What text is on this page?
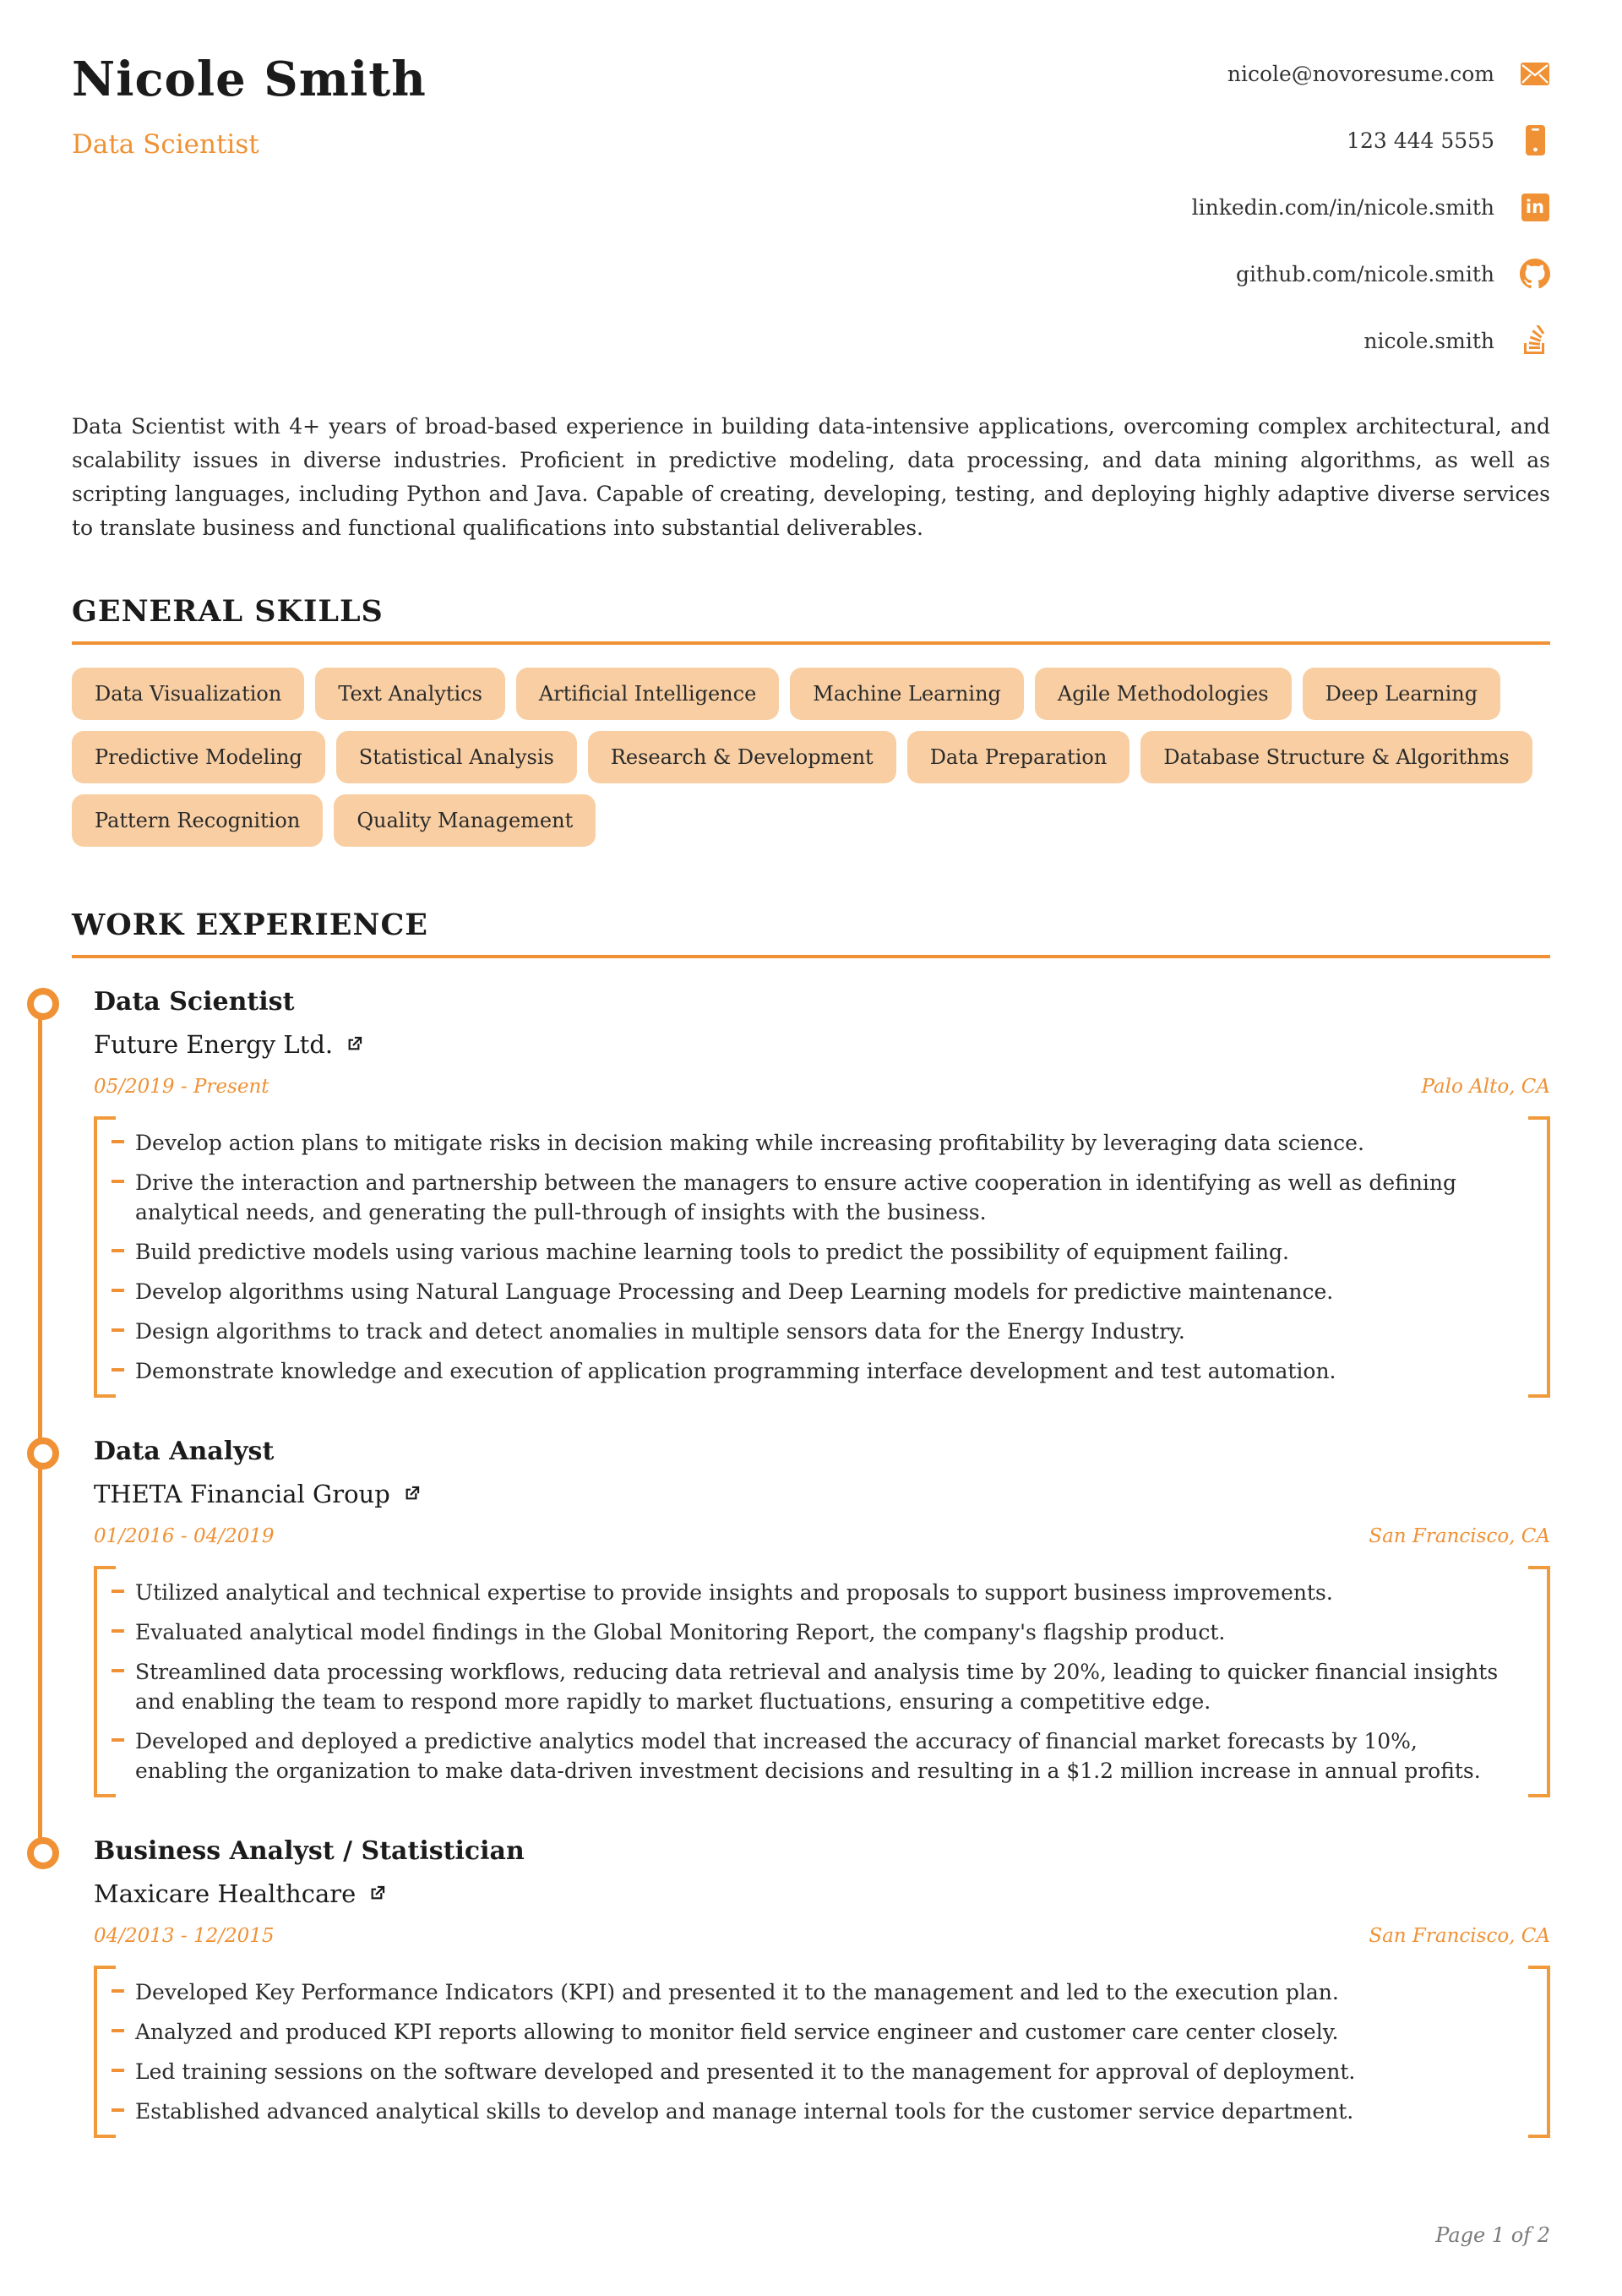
Nicole Smith
Data Scientist
nicole@novoresume.com
123 444 5555
linkedin.com/in/nicole.smith in
github.com/nicole.smith
nicole.smith

Data Scientist with 4+ years of broad-based experience in building data-intensive applications, overcoming complex architectural, and scalability issues in diverse industries. Proficient in predictive modeling, data processing, and data mining algorithms, as well as scripting languages, including Python and Java. Capable of creating, developing, testing, and deploying highly adaptive diverse services to translate business and functional qualifications into substantial deliverables.

GENERAL SKILLS
Data Visualization	Text Analytics	Artificial Intelligence	Machine Learning	Agile Methodologies	Deep Learning
Predictive Modeling	Statistical Analysis	Research & Development	Data Preparation	Database Structure & Algorithms
Pattern Recognition	Quality Management
WORK EXPERIENCE
Data Scientist
Future Energy Ltd.
05/2019 - Present	Palo Alto, CA
Develop action plans to mitigate risks in decision making while increasing profitability by leveraging data science.
Drive the interaction and partnership between the managers to ensure active cooperation in identifying as well as defining analytical needs, and generating the pull-through of insights with the business.
Build predictive models using various machine learning tools to predict the possibility of equipment failing.
Develop algorithms using Natural Language Processing and Deep Learning models for predictive maintenance.
Design algorithms to track and detect anomalies in multiple sensors data for the Energy Industry.
Demonstrate knowledge and execution of application programming interface development and test automation.
Data Analyst
THETA Financial Group
01/2016 - 04/2019	San Francisco, CA
Utilized analytical and technical expertise to provide insights and proposals to support business improvements.
Evaluated analytical model findings in the Global Monitoring Report, the company's flagship product.
Streamlined data processing workflows, reducing data retrieval and analysis time by 20%, leading to quicker financial insights and enabling the team to respond more rapidly to market fluctuations, ensuring a competitive edge.
Developed and deployed a predictive analytics model that increased the accuracy of financial market forecasts by 10%, enabling the organization to make data-driven investment decisions and resulting in a $1.2 million increase in annual profits.
Business Analyst / Statistician
Maxicare Healthcare
04/2013 - 12/2015	San Francisco, CA
Developed Key Performance Indicators (KPI) and presented it to the management and led to the execution plan.
Analyzed and produced KPI reports allowing to monitor field service engineer and customer care center closely.
Led training sessions on the software developed and presented it to the management for approval of deployment.
Established advanced analytical skills to develop and manage internal tools for the customer service department.
Page 1 of 2
